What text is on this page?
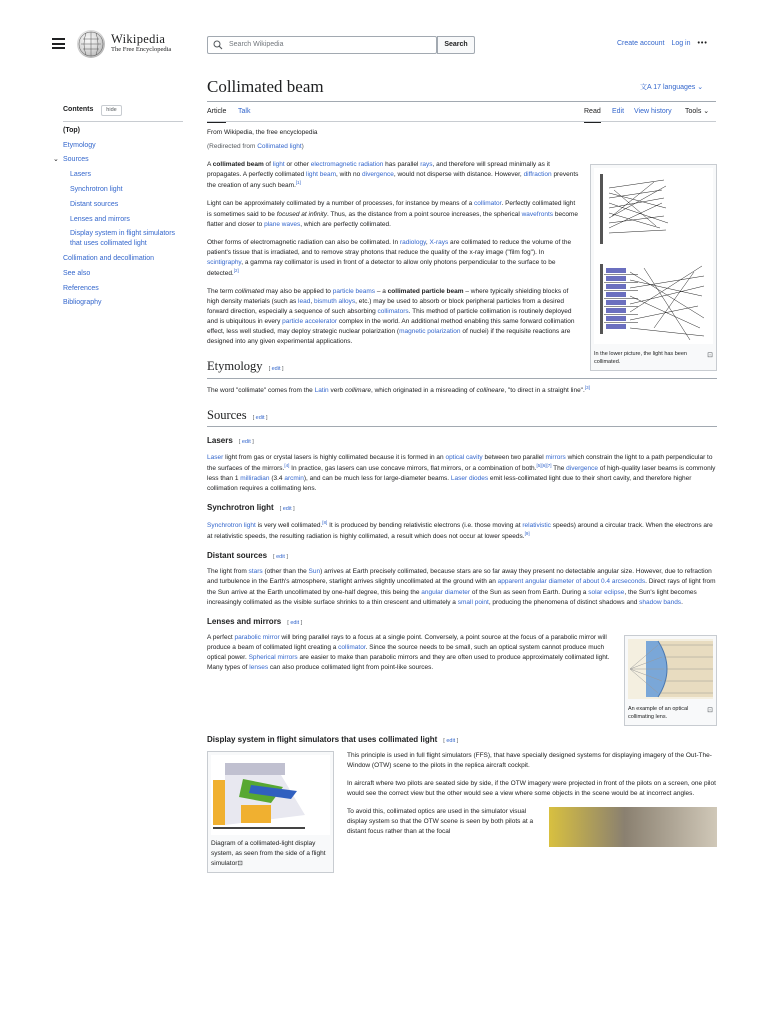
Wikipedia
The Free Encyclopedia
Search Wikipedia	Search	Create account Log in •••
Collimated beam	文A 17 languages ⌄
Article Talk	Read Edit View history Tools ⌄
Contents hide
(Top)
Etymology
⌄ Sources
Lasers
Synchrotron light
Distant sources
Lenses and mirrors
Display system in flight simulators that uses collimated light
Collimation and decollimation
See also
References
Bibliography

From Wikipedia, the free encyclopedia

(Redirected from Collimated light)

In the lower picture, the light has been collimated.
⊡

A collimated beam of light or other electromagnetic radiation has parallel rays, and therefore will spread minimally as it propagates. A perfectly collimated light beam, with no divergence, would not disperse with distance. However, diffraction prevents the creation of any such beam.[1]

Light can be approximately collimated by a number of processes, for instance by means of a collimator. Perfectly collimated light is sometimes said to be focused at infinity. Thus, as the distance from a point source increases, the spherical wavefronts become flatter and closer to plane waves, which are perfectly collimated.

Other forms of electromagnetic radiation can also be collimated. In radiology, X-rays are collimated to reduce the volume of the patient's tissue that is irradiated, and to remove stray photons that reduce the quality of the x-ray image ("film fog"). In scintigraphy, a gamma ray collimator is used in front of a detector to allow only photons perpendicular to the surface to be detected.[2]

The term collimated may also be applied to particle beams – a collimated particle beam – where typically shielding blocks of high density materials (such as lead, bismuth alloys, etc.) may be used to absorb or block peripheral particles from a desired forward direction, especially a sequence of such absorbing collimators. This method of particle collimation is routinely deployed and is ubiquitous in every particle accelerator complex in the world. An additional method enabling this same forward collimation effect, less well studied, may deploy strategic nuclear polarization (magnetic polarization of nuclei) if the requisite reactions are designed into any given experimental applications.

Etymology [ edit ]

The word "collimate" comes from the Latin verb collimare, which originated in a misreading of collineare, "to direct in a straight line".[3]

Sources [ edit ]
Lasers [ edit ]

Laser light from gas or crystal lasers is highly collimated because it is formed in an optical cavity between two parallel mirrors which constrain the light to a path perpendicular to the surfaces of the mirrors.[4] In practice, gas lasers can use concave mirrors, flat mirrors, or a combination of both.[5][6][7] The divergence of high-quality laser beams is commonly less than 1 milliradian (3.4 arcmin), and can be much less for large-diameter beams. Laser diodes emit less-collimated light due to their short cavity, and therefore higher collimation requires a collimating lens.

Synchrotron light [ edit ]

Synchrotron light is very well collimated.[8] It is produced by bending relativistic electrons (i.e. those moving at relativistic speeds) around a circular track. When the electrons are at relativistic speeds, the resulting radiation is highly collimated, a result which does not occur at lower speeds.[9]

Distant sources [ edit ]

The light from stars (other than the Sun) arrives at Earth precisely collimated, because stars are so far away they present no detectable angular size. However, due to refraction and turbulence in the Earth's atmosphere, starlight arrives slightly uncollimated at the ground with an apparent angular diameter of about 0.4 arcseconds. Direct rays of light from the Sun arrive at the Earth uncollimated by one-half degree, this being the angular diameter of the Sun as seen from Earth. During a solar eclipse, the Sun's light becomes increasingly collimated as the visible surface shrinks to a thin crescent and ultimately a small point, producing the phenomena of distinct shadows and shadow bands.

Lenses and mirrors [ edit ]
An example of an optical collimating lens.
⊡

A perfect parabolic mirror will bring parallel rays to a focus at a single point. Conversely, a point source at the focus of a parabolic mirror will produce a beam of collimated light creating a collimator. Since the source needs to be small, such an optical system cannot produce much optical power. Spherical mirrors are easier to make than parabolic mirrors and they are often used to produce approximately collimated light. Many types of lenses can also produce collimated light from point-like sources.

Display system in flight simulators that uses collimated light [ edit ]
Diagram of a collimated-light display system, as seen from the side of a flight simulator⊡

This principle is used in full flight simulators (FFS), that have specially designed systems for displaying imagery of the Out-The-Window (OTW) scene to the pilots in the replica aircraft cockpit.

In aircraft where two pilots are seated side by side, if the OTW imagery were projected in front of the pilots on a screen, one pilot would see the correct view but the other would see a view where some objects in the scene would be at incorrect angles.

To avoid this, collimated optics are used in the simulator visual display system so that the OTW scene is seen by both pilots at a distant focus rather than at the focal
